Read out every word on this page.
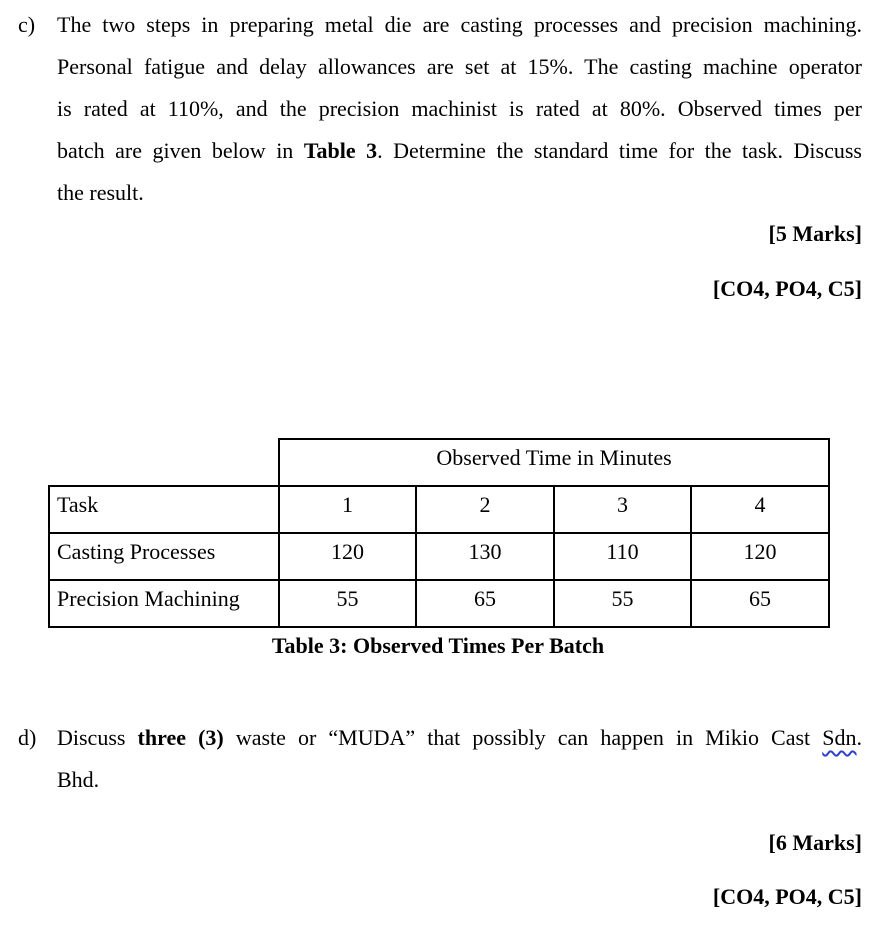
c) The two steps in preparing metal die are casting processes and precision machining.
Personal fatigue and delay allowances are set at 15%. The casting machine operator
is rated at 110%, and the precision machinist is rated at 80%. Observed times per
batch are given below in Table 3. Determine the standard time for the task. Discuss
the result.
[5 Marks]
[CO4, PO4, C5]
	Observed Time in Minutes			
Task	1	2	3	4
Casting Processes	120	130	110	120
Precision Machining	55	65	55	65
Table 3: Observed Times Per Batch
d) Discuss three (3) waste or “MUDA” that possibly can happen in Mikio Cast Sdn.
Bhd.
[6 Marks]
[CO4, PO4, C5]
